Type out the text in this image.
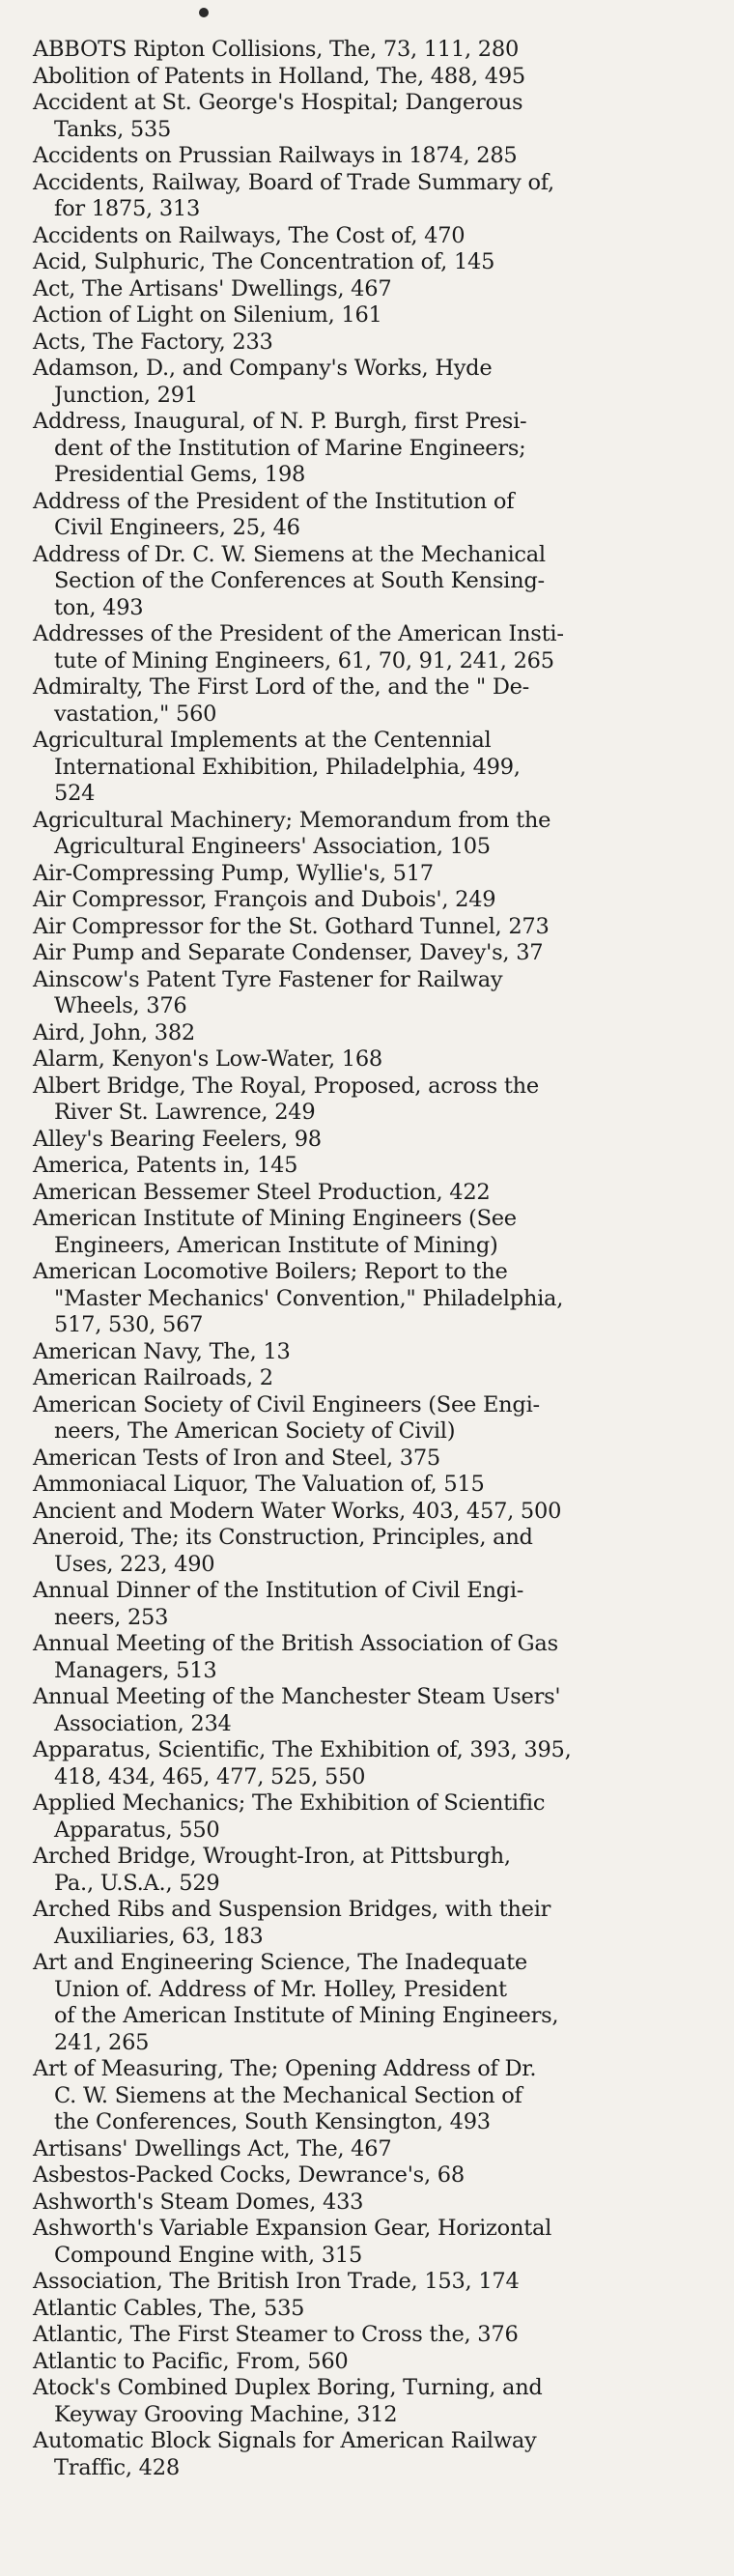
ABBOTS Ripton Collisions, The, 73, 111, 280
Abolition of Patents in Holland, The, 488, 495
Accident at St. George's Hospital; Dangerous
Tanks, 535
Accidents on Prussian Railways in 1874, 285
Accidents, Railway, Board of Trade Summary of,
for 1875, 313
Accidents on Railways, The Cost of, 470
Acid, Sulphuric, The Concentration of, 145
Act, The Artisans' Dwellings, 467
Action of Light on Silenium, 161
Acts, The Factory, 233
Adamson, D., and Company's Works, Hyde
Junction, 291
Address, Inaugural, of N. P. Burgh, first Presi-
dent of the Institution of Marine Engineers;
Presidential Gems, 198
Address of the President of the Institution of
Civil Engineers, 25, 46
Address of Dr. C. W. Siemens at the Mechanical
Section of the Conferences at South Kensing-
ton, 493
Addresses of the President of the American Insti-
tute of Mining Engineers, 61, 70, 91, 241, 265
Admiralty, The First Lord of the, and the " De-
vastation," 560
Agricultural Implements at the Centennial
International Exhibition, Philadelphia, 499,
524
Agricultural Machinery; Memorandum from the
Agricultural Engineers' Association, 105
Air-Compressing Pump, Wyllie's, 517
Air Compressor, François and Dubois', 249
Air Compressor for the St. Gothard Tunnel, 273
Air Pump and Separate Condenser, Davey's, 37
Ainscow's Patent Tyre Fastener for Railway
Wheels, 376
Aird, John, 382
Alarm, Kenyon's Low-Water, 168
Albert Bridge, The Royal, Proposed, across the
River St. Lawrence, 249
Alley's Bearing Feelers, 98
America, Patents in, 145
American Bessemer Steel Production, 422
American Institute of Mining Engineers (See
Engineers, American Institute of Mining)
American Locomotive Boilers; Report to the
"Master Mechanics' Convention," Philadelphia,
517, 530, 567
American Navy, The, 13
American Railroads, 2
American Society of Civil Engineers (See Engi-
neers, The American Society of Civil)
American Tests of Iron and Steel, 375
Ammoniacal Liquor, The Valuation of, 515
Ancient and Modern Water Works, 403, 457, 500
Aneroid, The; its Construction, Principles, and
Uses, 223, 490
Annual Dinner of the Institution of Civil Engi-
neers, 253
Annual Meeting of the British Association of Gas
Managers, 513
Annual Meeting of the Manchester Steam Users'
Association, 234
Apparatus, Scientific, The Exhibition of, 393, 395,
418, 434, 465, 477, 525, 550
Applied Mechanics; The Exhibition of Scientific
Apparatus, 550
Arched Bridge, Wrought-Iron, at Pittsburgh,
Pa., U.S.A., 529
Arched Ribs and Suspension Bridges, with their
Auxiliaries, 63, 183
Art and Engineering Science, The Inadequate
Union of. Address of Mr. Holley, President
of the American Institute of Mining Engineers,
241, 265
Art of Measuring, The; Opening Address of Dr.
C. W. Siemens at the Mechanical Section of
the Conferences, South Kensington, 493
Artisans' Dwellings Act, The, 467
Asbestos-Packed Cocks, Dewrance's, 68
Ashworth's Steam Domes, 433
Ashworth's Variable Expansion Gear, Horizontal
Compound Engine with, 315
Association, The British Iron Trade, 153, 174
Atlantic Cables, The, 535
Atlantic, The First Steamer to Cross the, 376
Atlantic to Pacific, From, 560
Atock's Combined Duplex Boring, Turning, and
Keyway Grooving Machine, 312
Automatic Block Signals for American Railway
Traffic, 428
